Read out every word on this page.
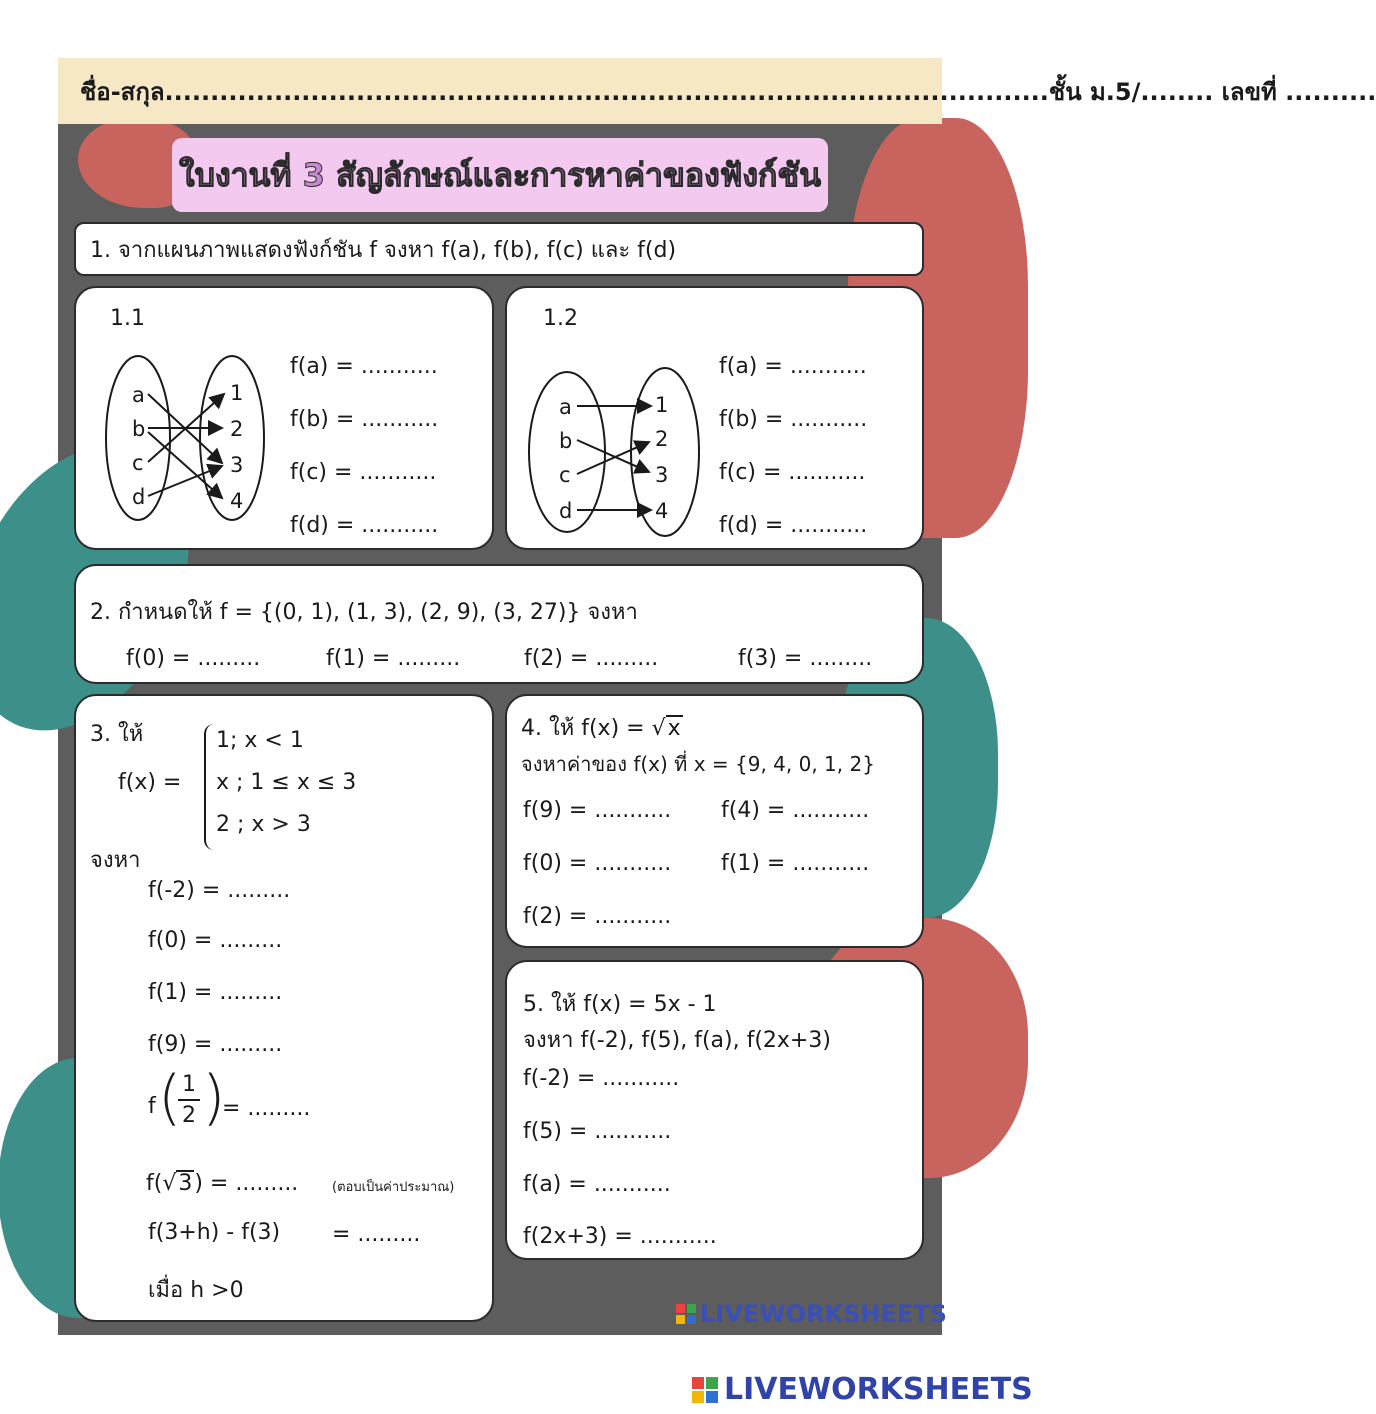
ชื่อ-สกุล................................................................................................. ชั้น ม.5/........ เลขที่ ..........
ใบงานที่ 3 สัญลักษณ์และการหาค่าของฟังก์ชัน
1. จากแผนภาพแสดงฟังก์ชัน f จงหา f(a), f(b), f(c) และ f(d)
1.1
a
b
c
d
1
2
3
4
f(a) = ...........
f(b) = ...........
f(c) = ...........
f(d) = ...........
1.2
a
b
c
d
1
2
3
4
f(a) = ...........
f(b) = ...........
f(c) = ...........
f(d) = ...........
2. กำหนดให้ f = {(0, 1), (1, 3), (2, 9), (3, 27)} จงหา
f(0) = .........	f(1) = .........	f(2) = .........	f(3) = .........
3. ให้
f(x) =
1; x < 1
x ; 1 ≤ x ≤ 3
2 ; x > 3
จงหา
f(-2) = .........
f(0) = .........
f(1) = .........
f(9) = .........
f ( 1
2 )
= .........
f(√3) = .........	(ตอบเป็นค่าประมาณ)
f(3+h) - f(3) = .........
เมื่อ h >0
4. ให้ f(x) = √x
จงหาค่าของ f(x) ที่ x = {9, 4, 0, 1, 2}
f(9) = ........... f(4) = ...........
f(0) = ........... f(1) = ...........
f(2) = ...........
5. ให้ f(x) = 5x - 1
จงหา f(-2), f(5), f(a), f(2x+3)
f(-2) = ...........
f(5) = ...........
f(a) = ...........
f(2x+3) = ...........
LIVEWORKSHEETS
LIVEWORKSHEETS
